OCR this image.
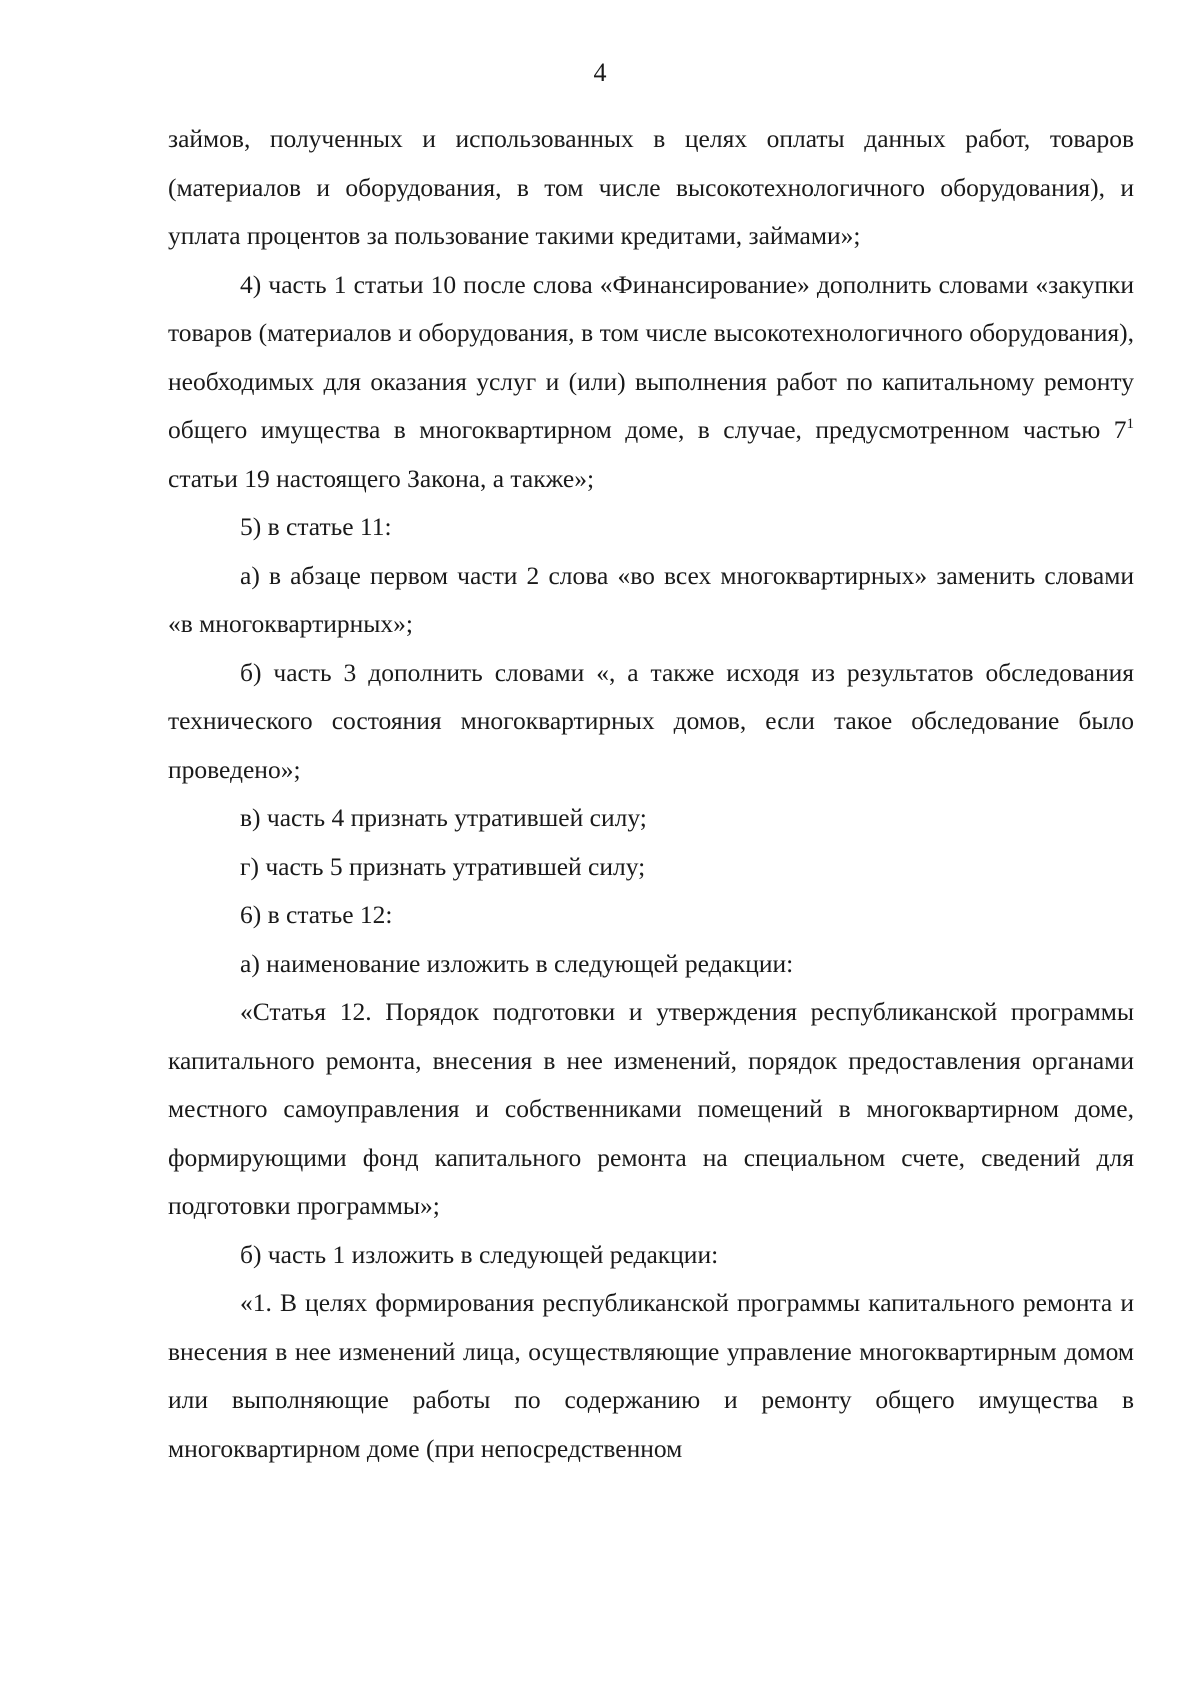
4

займов, полученных и использованных в целях оплаты данных работ, товаров (материалов и оборудования, в том числе высокотехнологичного оборудования), и уплата процентов за пользование такими кредитами, займами»;

4) часть 1 статьи 10 после слова «Финансирование» дополнить словами «закупки товаров (материалов и оборудования, в том числе высокотехнологичного оборудования), необходимых для оказания услуг и (или) выполнения работ по капитальному ремонту общего имущества в многоквартирном доме, в случае, предусмотренном частью $7^1$ статьи 19 настоящего Закона, а также»;

5) в статье 11:

а) в абзаце первом части 2 слова «во всех многоквартирных» заменить словами «в многоквартирных»;

б) часть 3 дополнить словами «, а также исходя из результатов обследования технического состояния многоквартирных домов, если такое обследование было проведено»;

в) часть 4 признать утратившей силу;

г) часть 5 признать утратившей силу;

6) в статье 12:

а) наименование изложить в следующей редакции:

«Статья 12. Порядок подготовки и утверждения республиканской программы капитального ремонта, внесения в нее изменений, порядок предоставления органами местного самоуправления и собственниками помещений в многоквартирном доме, формирующими фонд капитального ремонта на специальном счете, сведений для подготовки программы»;

б) часть 1 изложить в следующей редакции:

«1. В целях формирования республиканской программы капитального ремонта и внесения в нее изменений лица, осуществляющие управление многоквартирным домом или выполняющие работы по содержанию и ремонту общего имущества в многоквартирном доме (при непосредственном
